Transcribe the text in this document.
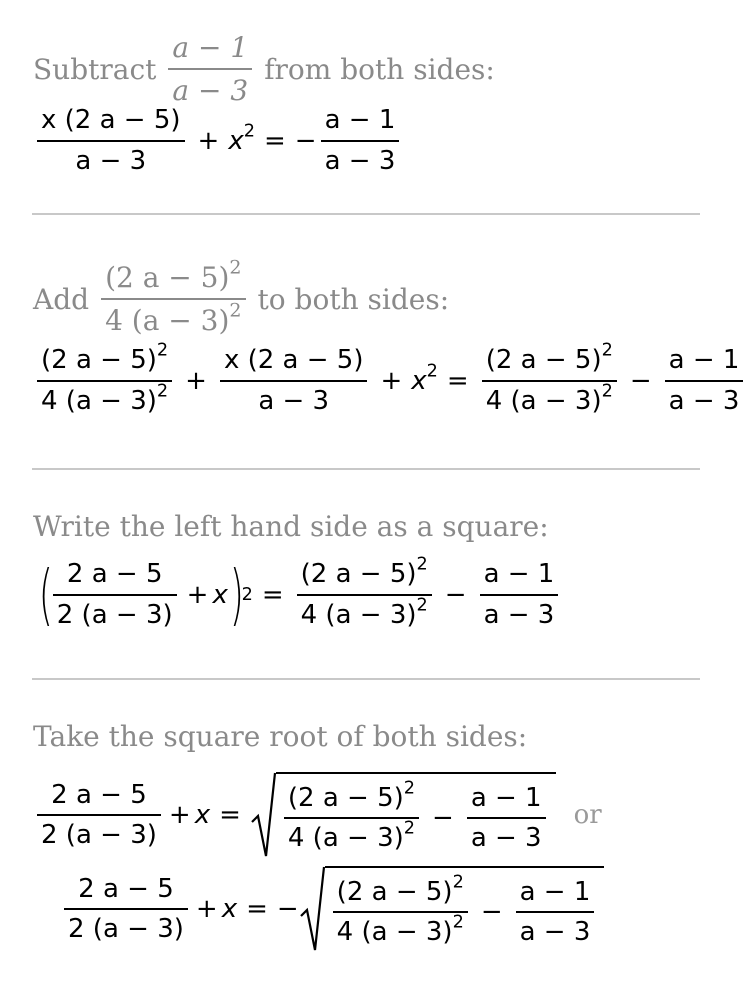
Subtract $\frac{a - 1}{a - 3}$ from both sides:
$\frac{x (2 a - 5)}{a - 3} + x^2$ = − $\frac{a - 1}{a - 3}$
Add $\frac{(2 a - 5)^2}{4 (a - 3)^2}$ to both sides:
$\frac{(2 a - 5)^2}{4 (a - 3)^2} + \frac{x (2 a - 5)}{a - 3} + x^2 = \frac{(2 a - 5)^2}{4 (a - 3)^2} - \frac{a - 1}{a - 3}$
Write the left hand side as a square:
( $\frac{2 a - 5}{2 (a - 3)} + x$ )
$2 = \frac{(2 a - 5)^2}{4 (a - 3)^2} - \frac{a - 1}{a - 3}$
Take the square root of both sides:
$\frac{2 a - 5}{2 (a - 3)} + x = \frac{(2 a - 5)^2}{4 (a - 3)^2} - \frac{a - 1}{a - 3}$ or
$\frac{2 a - 5}{2 (a - 3)} + x$ = − $\frac{(2 a - 5)^2}{4 (a - 3)^2} - \frac{a - 1}{a - 3}$
